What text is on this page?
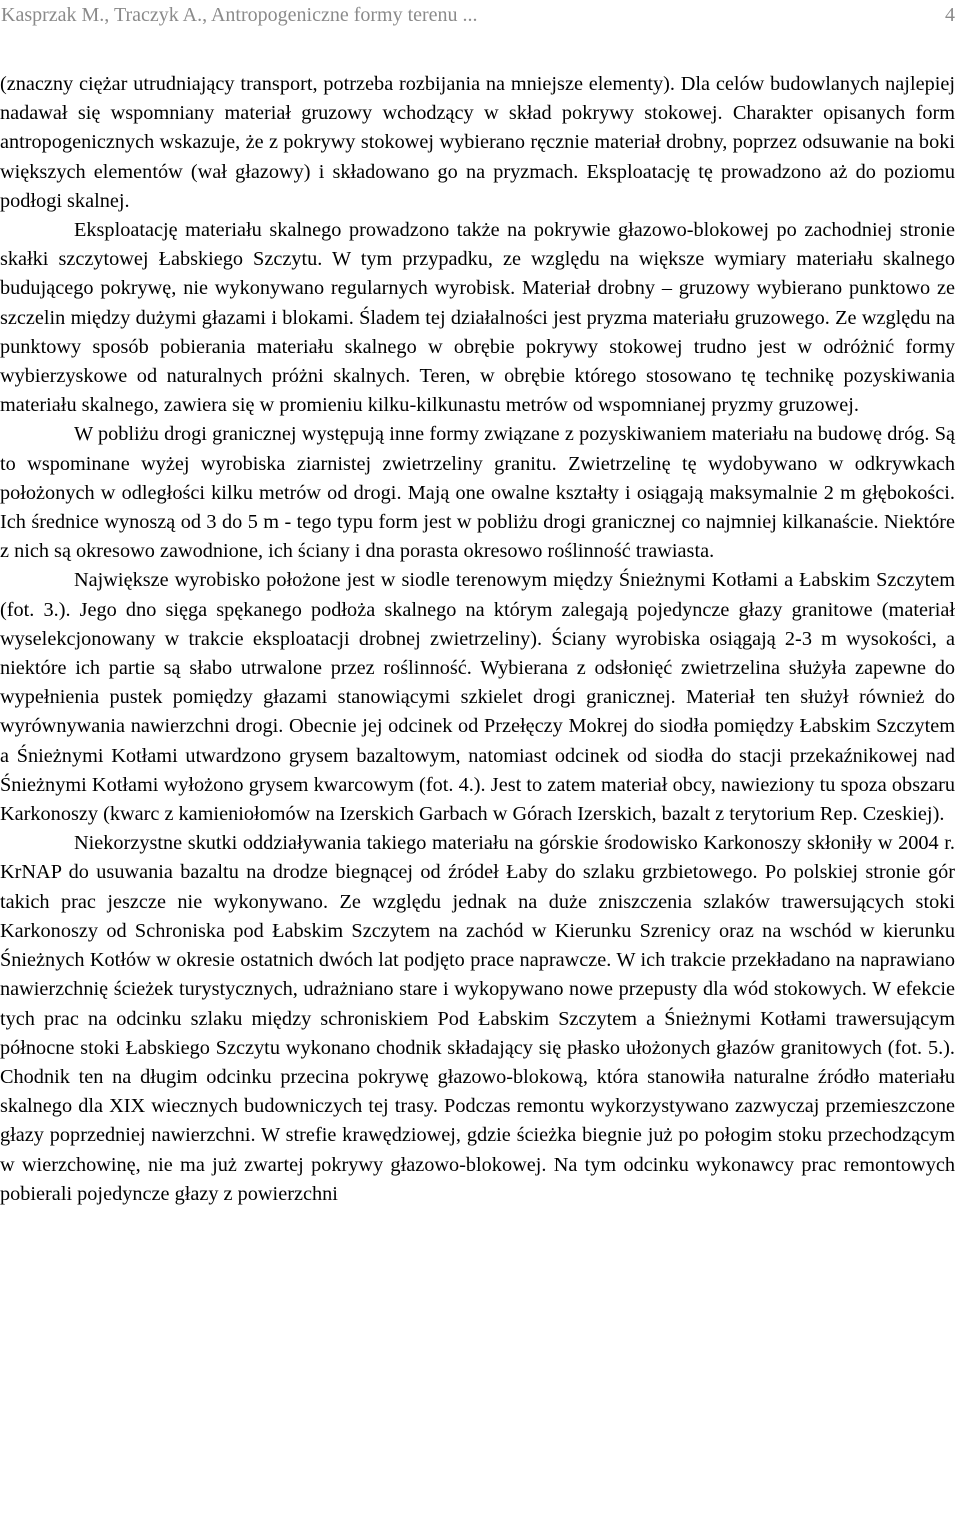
Kasprzak M., Traczyk A., Antropogeniczne formy terenu ...	4

(znaczny ciężar utrudniający transport, potrzeba rozbijania na mniejsze elementy). Dla celów budowlanych najlepiej nadawał się wspomniany materiał gruzowy wchodzący w skład pokrywy stokowej. Charakter opisanych form antropogenicznych wskazuje, że z pokrywy stokowej wybierano ręcznie materiał drobny, poprzez odsuwanie na boki większych elementów (wał głazowy) i składowano go na pryzmach. Eksploatację tę prowadzono aż do poziomu podłogi skalnej.

Eksploatację materiału skalnego prowadzono także na pokrywie głazowo-blokowej po zachodniej stronie skałki szczytowej Łabskiego Szczytu. W tym przypadku, ze względu na większe wymiary materiału skalnego budującego pokrywę, nie wykonywano regularnych wyrobisk. Materiał drobny – gruzowy wybierano punktowo ze szczelin między dużymi głazami i blokami. Śladem tej działalności jest pryzma materiału gruzowego. Ze względu na punktowy sposób pobierania materiału skalnego w obrębie pokrywy stokowej trudno jest w odróżnić formy wybierzyskowe od naturalnych próżni skalnych. Teren, w obrębie którego stosowano tę technikę pozyskiwania materiału skalnego, zawiera się w promieniu kilku-kilkunastu metrów od wspomnianej pryzmy gruzowej.

W pobliżu drogi granicznej występują inne formy związane z pozyskiwaniem materiału na budowę dróg. Są to wspominane wyżej wyrobiska ziarnistej zwietrzeliny granitu. Zwietrzelinę tę wydobywano w odkrywkach położonych w odległości kilku metrów od drogi. Mają one owalne kształty i osiągają maksymalnie 2 m głębokości. Ich średnice wynoszą od 3 do 5 m - tego typu form jest w pobliżu drogi granicznej co najmniej kilkanaście. Niektóre z nich są okresowo zawodnione, ich ściany i dna porasta okresowo roślinność trawiasta.

Największe wyrobisko położone jest w siodle terenowym między Śnieżnymi Kotłami a Łabskim Szczytem (fot. 3.). Jego dno sięga spękanego podłoża skalnego na którym zalegają pojedyncze głazy granitowe (materiał wyselekcjonowany w trakcie eksploatacji drobnej zwietrzeliny). Ściany wyrobiska osiągają 2-3 m wysokości, a niektóre ich partie są słabo utrwalone przez roślinność. Wybierana z odsłonięć zwietrzelina służyła zapewne do wypełnienia pustek pomiędzy głazami stanowiącymi szkielet drogi granicznej. Materiał ten służył również do wyrównywania nawierzchni drogi. Obecnie jej odcinek od Przełęczy Mokrej do siodła pomiędzy Łabskim Szczytem a Śnieżnymi Kotłami utwardzono grysem bazaltowym, natomiast odcinek od siodła do stacji przekaźnikowej nad Śnieżnymi Kotłami wyłożono grysem kwarcowym (fot. 4.). Jest to zatem materiał obcy, nawieziony tu spoza obszaru Karkonoszy (kwarc z kamieniołomów na Izerskich Garbach w Górach Izerskich, bazalt z terytorium Rep. Czeskiej).

Niekorzystne skutki oddziaływania takiego materiału na górskie środowisko Karkonoszy skłoniły w 2004 r. KrNAP do usuwania bazaltu na drodze biegnącej od źródeł Łaby do szlaku grzbietowego. Po polskiej stronie gór takich prac jeszcze nie wykonywano. Ze względu jednak na duże zniszczenia szlaków trawersujących stoki Karkonoszy od Schroniska pod Łabskim Szczytem na zachód w Kierunku Szrenicy oraz na wschód w kierunku Śnieżnych Kotłów w okresie ostatnich dwóch lat podjęto prace naprawcze. W ich trakcie przekładano na naprawiano nawierzchnię ścieżek turystycznych, udrażniano stare i wykopywano nowe przepusty dla wód stokowych. W efekcie tych prac na odcinku szlaku między schroniskiem Pod Łabskim Szczytem a Śnieżnymi Kotłami trawersującym północne stoki Łabskiego Szczytu wykonano chodnik składający się płasko ułożonych głazów granitowych (fot. 5.). Chodnik ten na długim odcinku przecina pokrywę głazowo-blokową, która stanowiła naturalne źródło materiału skalnego dla XIX wiecznych budowniczych tej trasy. Podczas remontu wykorzystywano zazwyczaj przemieszczone głazy poprzedniej nawierzchni. W strefie krawędziowej, gdzie ścieżka biegnie już po połogim stoku przechodzącym w wierzchowinę, nie ma już zwartej pokrywy głazowo-blokowej. Na tym odcinku wykonawcy prac remontowych pobierali pojedyncze głazy z powierzchni
